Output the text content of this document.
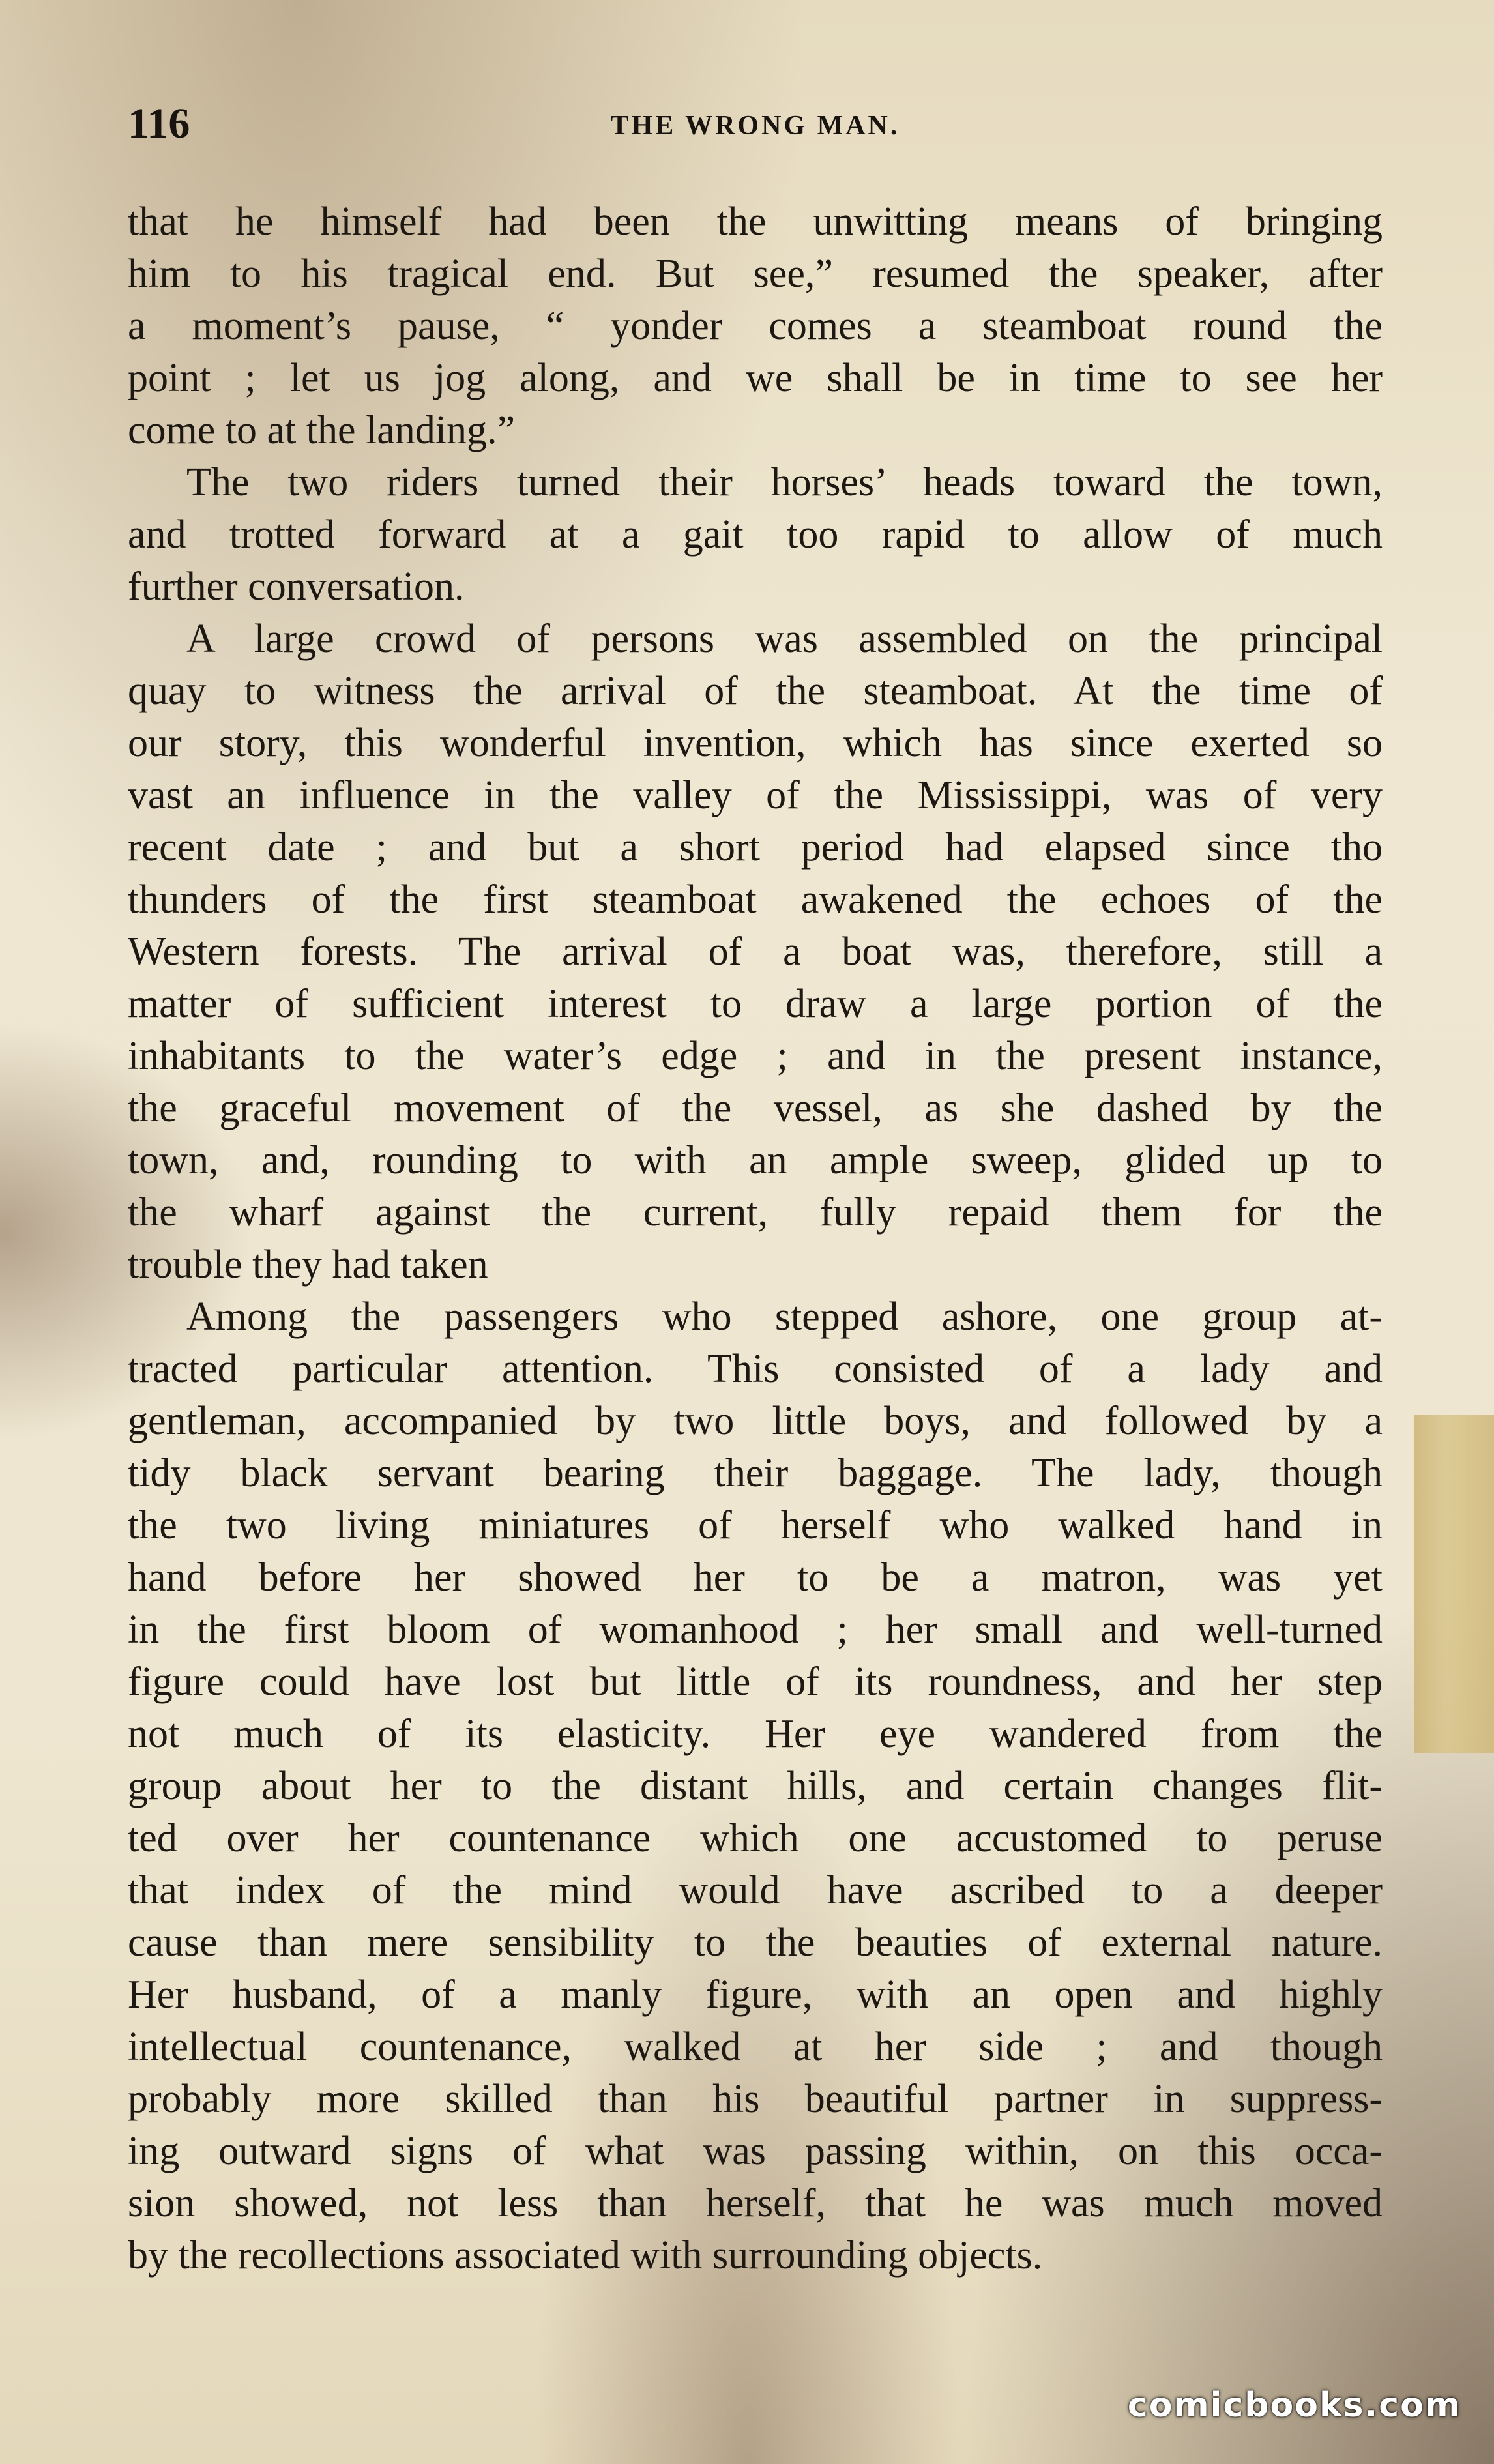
116	THE WRONG MAN.
that he himself had been the unwitting means of bringing
him to his tragical end. But see,” resumed the speaker, after
a moment’s pause, “ yonder comes a steamboat round the
point ; let us jog along, and we shall be in time to see her
come to at the landing.”
The two riders turned their horses’ heads toward the town,
and trotted forward at a gait too rapid to allow of much
further conversation.
A large crowd of persons was assembled on the principal
quay to witness the arrival of the steamboat. At the time of
our story, this wonderful invention, which has since exerted so
vast an influence in the valley of the Mississippi, was of very
recent date ; and but a short period had elapsed since tho
thunders of the first steamboat awakened the echoes of the
Western forests. The arrival of a boat was, therefore, still a
matter of sufficient interest to draw a large portion of the
inhabitants to the water’s edge ; and in the present instance,
the graceful movement of the vessel, as she dashed by the
town, and, rounding to with an ample sweep, glided up to
the wharf against the current, fully repaid them for the
trouble they had taken
Among the passengers who stepped ashore, one group at-
tracted particular attention. This consisted of a lady and
gentleman, accompanied by two little boys, and followed by a
tidy black servant bearing their baggage. The lady, though
the two living miniatures of herself who walked hand in
hand before her showed her to be a matron, was yet
in the first bloom of womanhood ; her small and well-turned
figure could have lost but little of its roundness, and her step
not much of its elasticity. Her eye wandered from the
group about her to the distant hills, and certain changes flit-
ted over her countenance which one accustomed to peruse
that index of the mind would have ascribed to a deeper
cause than mere sensibility to the beauties of external nature.
Her husband, of a manly figure, with an open and highly
intellectual countenance, walked at her side ; and though
probably more skilled than his beautiful partner in suppress-
ing outward signs of what was passing within, on this occa-
sion showed, not less than herself, that he was much moved
by the recollections associated with surrounding objects.
comicbooks.com
